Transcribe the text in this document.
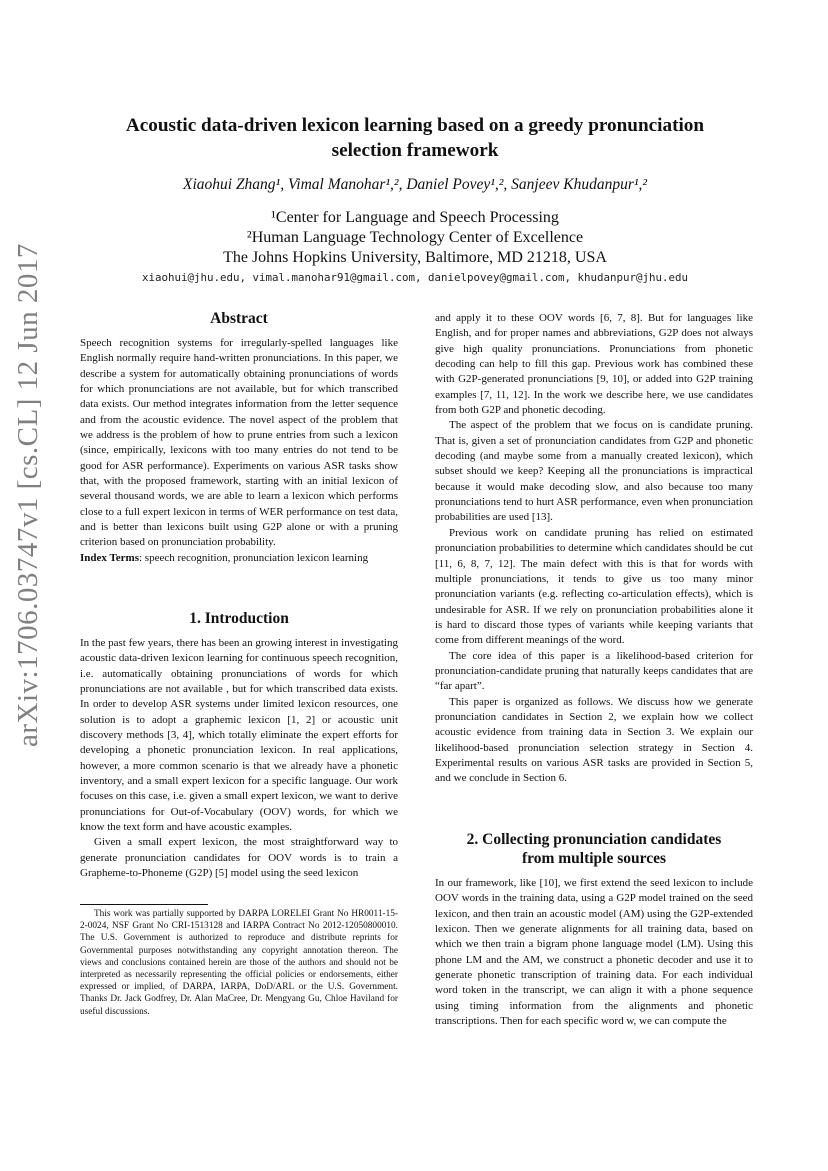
arXiv:1706.03747v1 [cs.CL] 12 Jun 2017
Acoustic data-driven lexicon learning based on a greedy pronunciation selection framework
Xiaohui Zhang¹, Vimal Manohar¹,², Daniel Povey¹,², Sanjeev Khudanpur¹,²
¹Center for Language and Speech Processing
²Human Language Technology Center of Excellence
The Johns Hopkins University, Baltimore, MD 21218, USA
xiaohui@jhu.edu, vimal.manohar91@gmail.com, danielpovey@gmail.com, khudanpur@jhu.edu
Abstract

Speech recognition systems for irregularly-spelled languages like English normally require hand-written pronunciations. In this paper, we describe a system for automatically obtaining pronunciations of words for which pronunciations are not available, but for which transcribed data exists. Our method integrates information from the letter sequence and from the acoustic evidence. The novel aspect of the problem that we address is the problem of how to prune entries from such a lexicon (since, empirically, lexicons with too many entries do not tend to be good for ASR performance). Experiments on various ASR tasks show that, with the proposed framework, starting with an initial lexicon of several thousand words, we are able to learn a lexicon which performs close to a full expert lexicon in terms of WER performance on test data, and is better than lexicons built using G2P alone or with a pruning criterion based on pronunciation probability.

Index Terms: speech recognition, pronunciation lexicon learning

1. Introduction

In the past few years, there has been an growing interest in investigating acoustic data-driven lexicon learning for continuous speech recognition, i.e. automatically obtaining pronunciations of words for which pronunciations are not available , but for which transcribed data exists. In order to develop ASR systems under limited lexicon resources, one solution is to adopt a graphemic lexicon [1, 2] or acoustic unit discovery methods [3, 4], which totally eliminate the expert efforts for developing a phonetic pronunciation lexicon. In real applications, however, a more common scenario is that we already have a phonetic inventory, and a small expert lexicon for a specific language. Our work focuses on this case, i.e. given a small expert lexicon, we want to derive pronunciations for Out-of-Vocabulary (OOV) words, for which we know the text form and have acoustic examples.

Given a small expert lexicon, the most straightforward way to generate pronunciation candidates for OOV words is to train a Grapheme-to-Phoneme (G2P) [5] model using the seed lexicon

This work was partially supported by DARPA LORELEI Grant No HR0011-15-2-0024, NSF Grant No CRI-1513128 and IARPA Contract No 2012-12050800010. The U.S. Government is authorized to reproduce and distribute reprints for Governmental purposes notwithstanding any copyright annotation thereon. The views and conclusions contained herein are those of the authors and should not be interpreted as necessarily representing the official policies or endorsements, either expressed or implied, of DARPA, IARPA, DoD/ARL or the U.S. Government. Thanks Dr. Jack Godfrey, Dr. Alan MaCree, Dr. Mengyang Gu, Chloe Haviland for useful discussions.

and apply it to these OOV words [6, 7, 8]. But for languages like English, and for proper names and abbreviations, G2P does not always give high quality pronunciations. Pronunciations from phonetic decoding can help to fill this gap. Previous work has combined these with G2P-generated pronunciations [9, 10], or added into G2P training examples [7, 11, 12]. In the work we describe here, we use candidates from both G2P and phonetic decoding.

The aspect of the problem that we focus on is candidate pruning. That is, given a set of pronunciation candidates from G2P and phonetic decoding (and maybe some from a manually created lexicon), which subset should we keep? Keeping all the pronunciations is impractical because it would make decoding slow, and also because too many pronunciations tend to hurt ASR performance, even when pronunciation probabilities are used [13].

Previous work on candidate pruning has relied on estimated pronunciation probabilities to determine which candidates should be cut [11, 6, 8, 7, 12]. The main defect with this is that for words with multiple pronunciations, it tends to give us too many minor pronunciation variants (e.g. reflecting co-articulation effects), which is undesirable for ASR. If we rely on pronunciation probabilities alone it is hard to discard those types of variants while keeping variants that come from different meanings of the word.

The core idea of this paper is a likelihood-based criterion for pronunciation-candidate pruning that naturally keeps candidates that are “far apart”.

This paper is organized as follows. We discuss how we generate pronunciation candidates in Section 2, we explain how we collect acoustic evidence from training data in Section 3. We explain our likelihood-based pronunciation selection strategy in Section 4. Experimental results on various ASR tasks are provided in Section 5, and we conclude in Section 6.

2. Collecting pronunciation candidates
from multiple sources

In our framework, like [10], we first extend the seed lexicon to include OOV words in the training data, using a G2P model trained on the seed lexicon, and then train an acoustic model (AM) using the G2P-extended lexicon. Then we generate alignments for all training data, based on which we then train a bigram phone language model (LM). Using this phone LM and the AM, we construct a phonetic decoder and use it to generate phonetic transcription of training data. For each individual word token in the transcript, we can align it with a phone sequence using timing information from the alignments and phonetic transcriptions. Then for each specific word w, we can compute the
